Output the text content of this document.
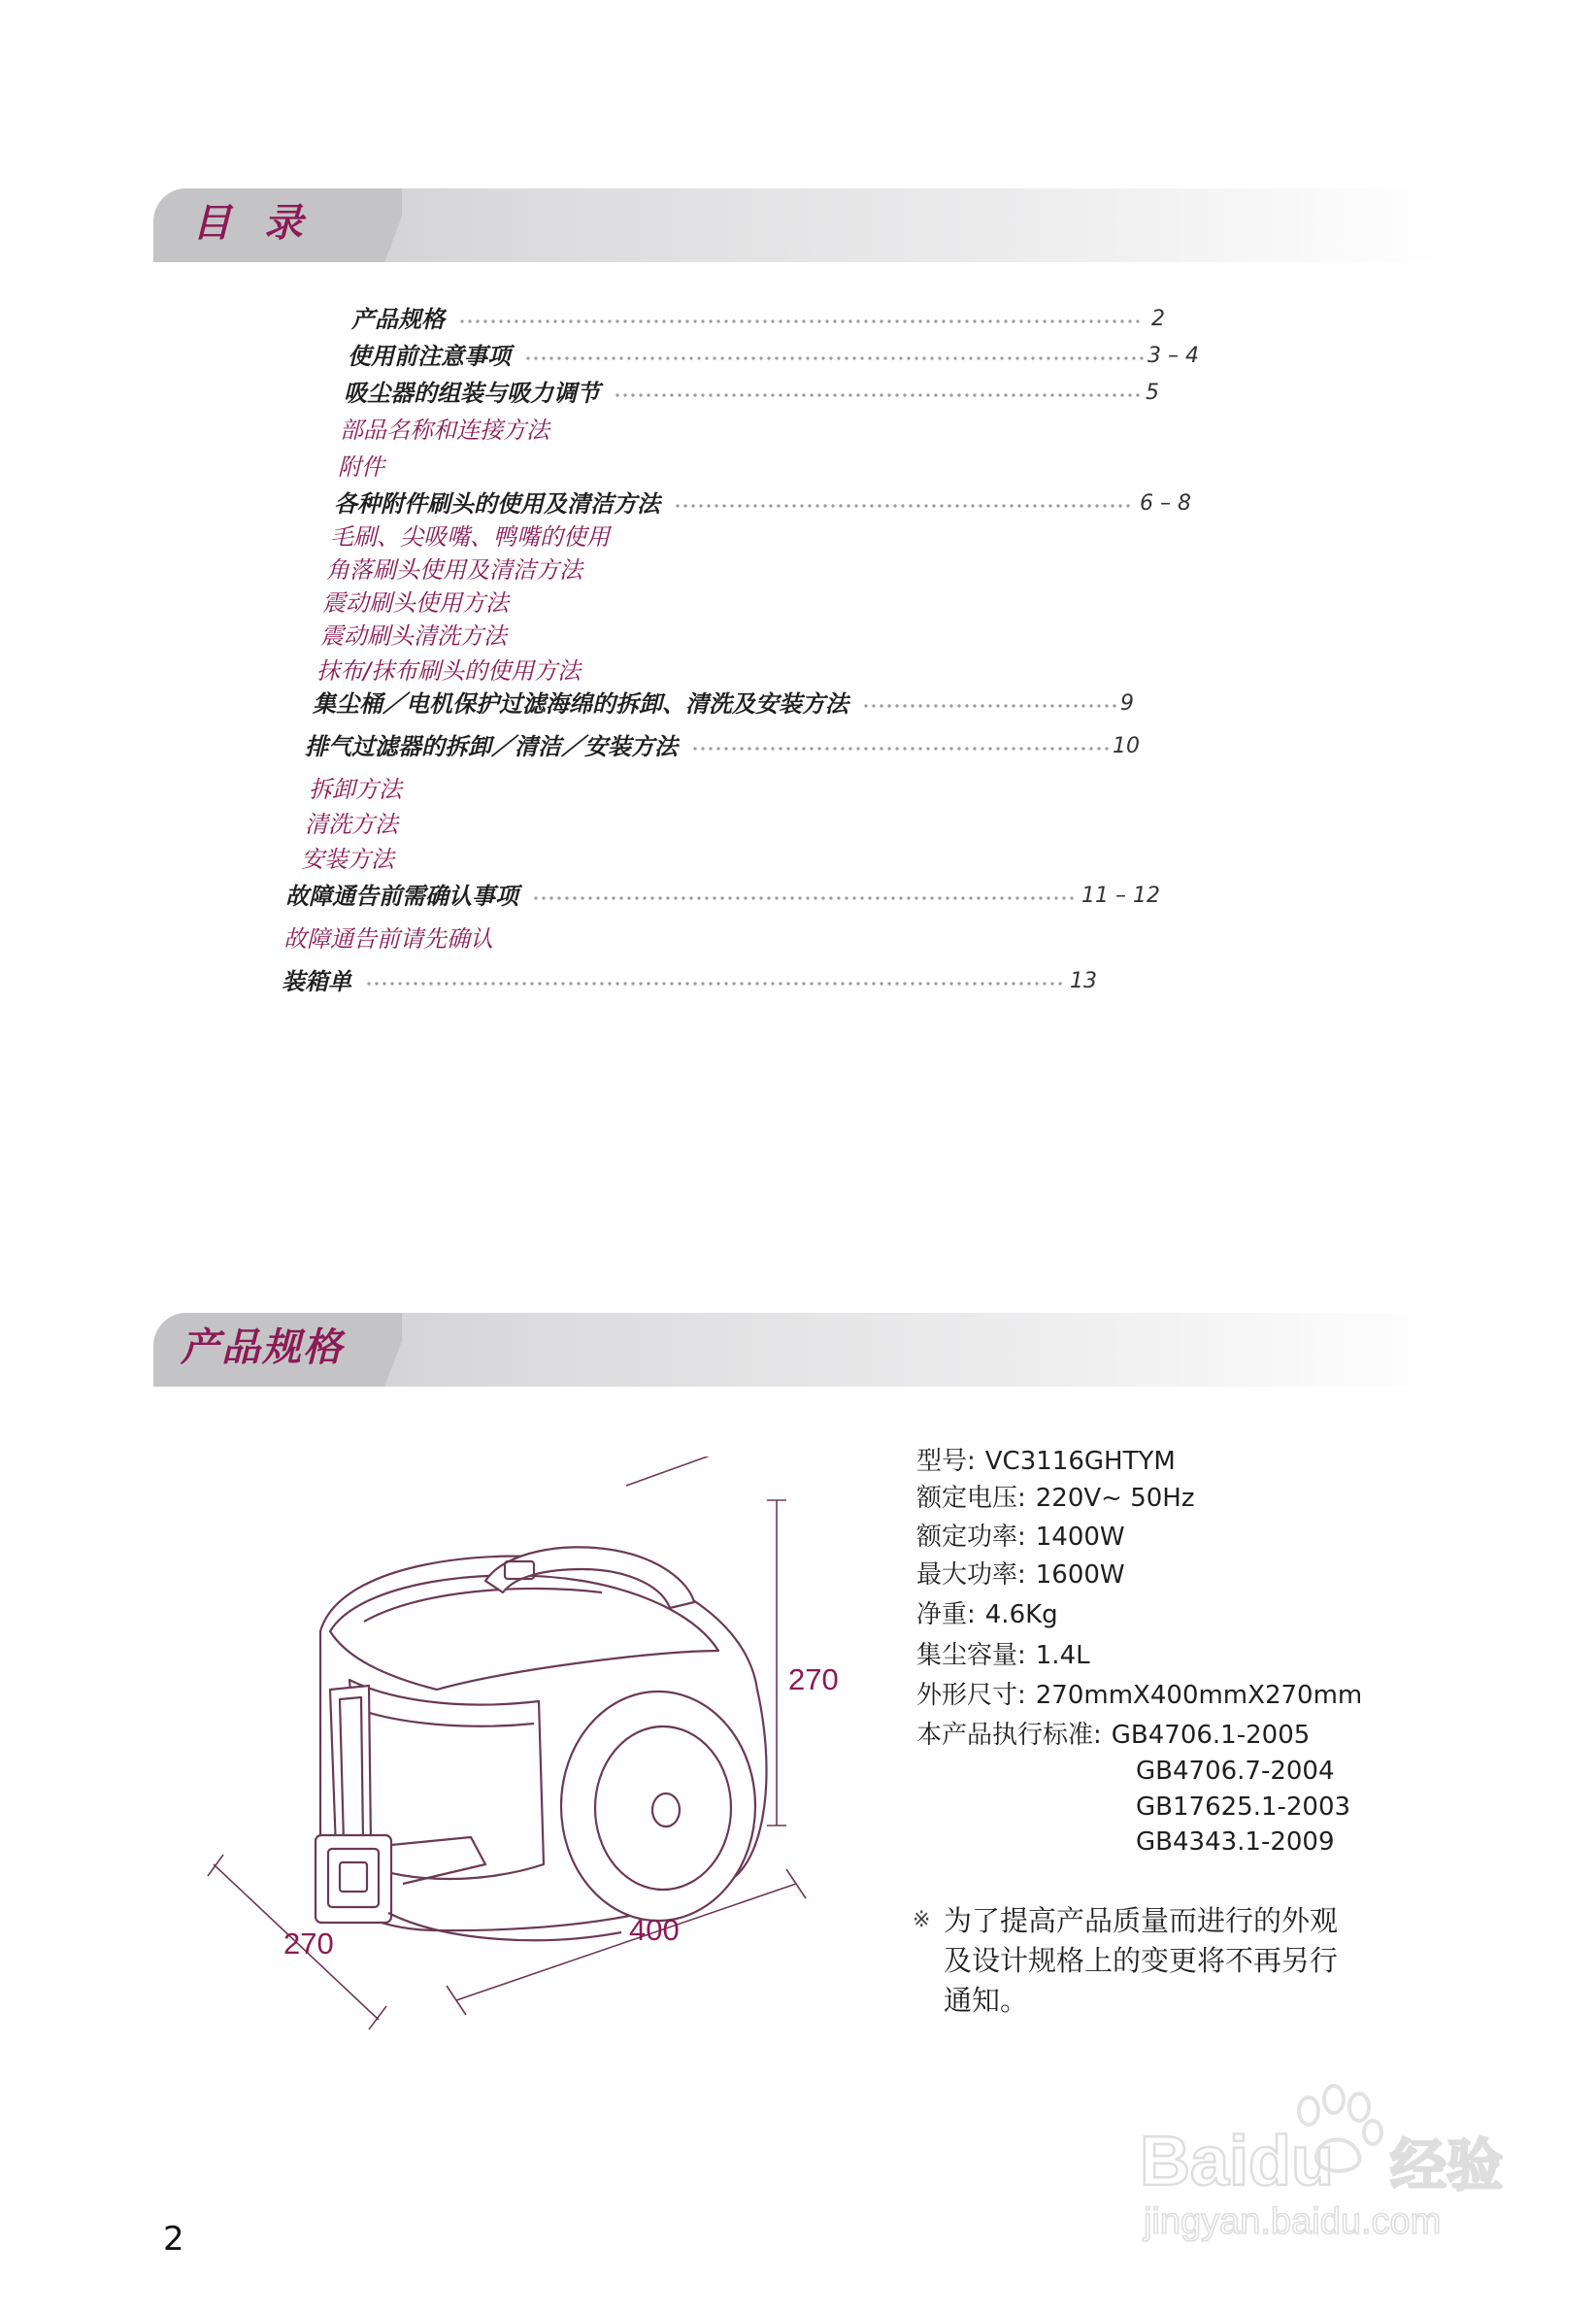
目 录
产品规格	2
使用前注意事项	3 – 4
吸尘器的组装与吸力调节	5
部品名称和连接方法
附件
各种附件刷头的使用及清洁方法	6 – 8
毛刷、尖吸嘴、鸭嘴的使用
角落刷头使用及清洁方法
震动刷头使用方法
震动刷头清洗方法
抹布/抹布刷头的使用方法
集尘桶／电机保护过滤海绵的拆卸、清洗及安装方法	9
排气过滤器的拆卸／清洁／安装方法	10
拆卸方法
清洗方法
安装方法
故障通告前需确认事项	11 – 12
故障通告前请先确认
装箱单	13
产品规格
270
400
270
型号: VC3116GHTYM
额定电压: 220V~ 50Hz
额定功率: 1400W
最大功率: 1600W
净重: 4.6Kg
集尘容量: 1.4L
外形尺寸: 270mmX400mmX270mm
本产品执行标准: GB4706.1-2005
GB4706.7-2004
GB17625.1-2003
GB4343.1-2009
※ 为了提高产品质量而进行的外观
及设计规格上的变更将不再另行
通知。
2
Baidu 经验
jingyan.baidu.com
